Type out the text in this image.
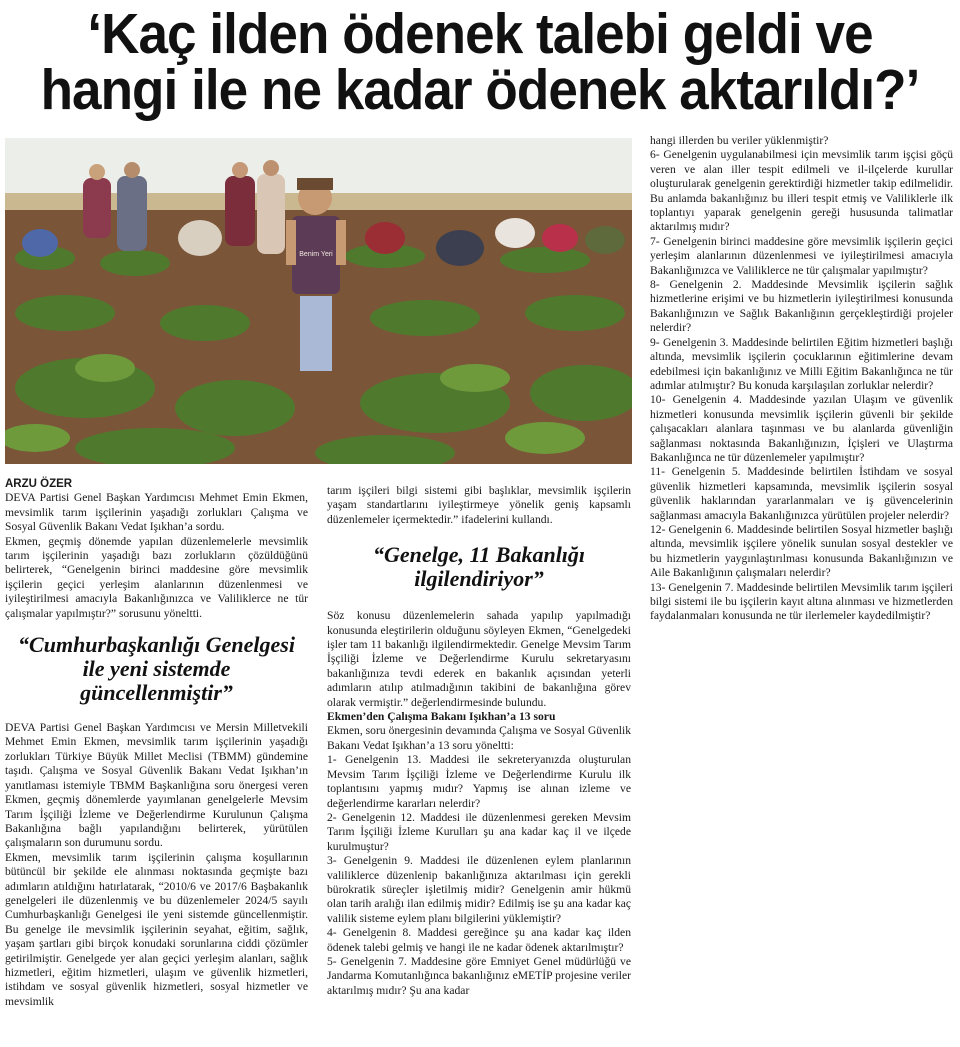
‘Kaç ilden ödenek talebi geldi ve
hangi ile ne kadar ödenek aktarıldı?’
Benim Yeri

ARZU ÖZER

DEVA Partisi Genel Başkan Yardımcısı Mehmet Emin Ekmen, mevsimlik tarım işçilerinin yaşadığı zorlukları Çalışma ve Sosyal Güvenlik Bakanı Vedat Işıkhan’a sordu.

Ekmen, geçmiş dönemde yapılan düzenlemelerle mevsimlik tarım işçilerinin yaşadığı bazı zorlukların çözüldüğünü belirterek, “Genelgenin birinci maddesine göre mevsimlik işçilerin geçici yerleşim alanlarının düzenlenmesi ve iyileştirilmesi amacıyla Bakanlığınızca ve Valiliklerce ne tür çalışmalar yapılmıştır?” sorusunu yöneltti.

“Cumhurbaşkanlığı Genelgesi ile yeni sistemde güncellenmiştir”

DEVA Partisi Genel Başkan Yardımcısı ve Mersin Milletvekili Mehmet Emin Ekmen, mevsimlik tarım işçilerinin yaşadığı zorlukları Türkiye Büyük Millet Meclisi (TBMM) gündemine taşıdı. Çalışma ve Sosyal Güvenlik Bakanı Vedat Işıkhan’ın yanıtlaması istemiyle TBMM Başkanlığına soru önergesi veren Ekmen, geçmiş dönemlerde yayımlanan genelgelerle Mevsim Tarım İşçiliği İzleme ve Değerlendirme Kurulunun Çalışma Bakanlığına bağlı yapılandığını belirterek, yürütülen çalışmaların son durumunu sordu.

Ekmen, mevsimlik tarım işçilerinin çalışma koşullarının bütüncül bir şekilde ele alınması noktasında geçmişte bazı adımların atıldığını hatırlatarak, “2010/6 ve 2017/6 Başbakanlık genelgeleri ile düzenlenmiş ve bu düzenlemeler 2024/5 sayılı Cumhurbaşkanlığı Genelgesi ile yeni sistemde güncellenmiştir. Bu genelge ile mevsimlik işçilerinin seyahat, eğitim, sağlık, yaşam şartları gibi birçok konudaki sorunlarına ciddi çözümler getirilmiştir. Genelgede yer alan geçici yerleşim alanları, sağlık hizmetleri, eğitim hizmetleri, ulaşım ve güvenlik hizmetleri, istihdam ve sosyal güvenlik hizmetleri, sosyal hizmetler ve mevsimlik

tarım işçileri bilgi sistemi gibi başlıklar, mevsimlik işçilerin yaşam standartlarını iyileştirmeye yönelik geniş kapsamlı düzenlemeler içermektedir.” ifadelerini kullandı.

“Genelge, 11 Bakanlığı ilgilendiriyor”

Söz konusu düzenlemelerin sahada yapılıp yapılmadığı konusunda eleştirilerin olduğunu söyleyen Ekmen, “Genelgedeki işler tam 11 bakanlığı ilgilendirmektedir. Genelge Mevsim Tarım İşçiliği İzleme ve Değerlendirme Kurulu sekretaryasını bakanlığınıza tevdi ederek en bakanlık açısından yeterli adımların atılıp atılmadığının takibini de bakanlığına görev olarak vermiştir.” değerlendirmesinde bulundu.

Ekmen’den Çalışma Bakanı Işıkhan’a 13 soru

Ekmen, soru önergesinin devamında Çalışma ve Sosyal Güvenlik Bakanı Vedat Işıkhan’a 13 soru yöneltti:

1- Genelgenin 13. Maddesi ile sekreteryanızda oluşturulan Mevsim Tarım İşçiliği İzleme ve Değerlendirme Kurulu ilk toplantısını yapmış mıdır? Yapmış ise alınan izleme ve değerlendirme kararları nelerdir?

2- Genelgenin 12. Maddesi ile düzenlenmesi gereken Mevsim Tarım İşçiliği İzleme Kurulları şu ana kadar kaç il ve ilçede kurulmuştur?

3- Genelgenin 9. Maddesi ile düzenlenen eylem planlarının valiliklerce düzenlenip bakanlığınıza aktarılması için gerekli bürokratik süreçler işletilmiş midir? Genelgenin amir hükmü olan tarih aralığı ilan edilmiş midir? Edilmiş ise şu ana kadar kaç valilik sisteme eylem planı bilgilerini yüklemiştir?

4- Genelgenin 8. Maddesi gereğince şu ana kadar kaç ilden ödenek talebi gelmiş ve hangi ile ne kadar ödenek aktarılmıştır?

5- Genelgenin 7. Maddesine göre Emniyet Genel müdürlüğü ve Jandarma Komutanlığınca bakanlığınız eMETİP projesine veriler aktarılmış mıdır? Şu ana kadar

hangi illerden bu veriler yüklenmiştir?

6- Genelgenin uygulanabilmesi için mevsimlik tarım işçisi göçü veren ve alan iller tespit edilmeli ve il-ilçelerde kurullar oluşturularak genelgenin gerektirdiği hizmetler takip edilmelidir. Bu anlamda bakanlığınız bu illeri tespit etmiş ve Valiliklerle ilk toplantıyı yaparak genelgenin gereği hususunda talimatlar aktarılmış mıdır?

7- Genelgenin birinci maddesine göre mevsimlik işçilerin geçici yerleşim alanlarının düzenlenmesi ve iyileştirilmesi amacıyla Bakanlığınızca ve Valiliklerce ne tür çalışmalar yapılmıştır?

8- Genelgenin 2. Maddesinde Mevsimlik işçilerin sağlık hizmetlerine erişimi ve bu hizmetlerin iyileştirilmesi konusunda Bakanlığınızın ve Sağlık Bakanlığının gerçekleştirdiği projeler nelerdir?

9- Genelgenin 3. Maddesinde belirtilen Eğitim hizmetleri başlığı altında, mevsimlik işçilerin çocuklarının eğitimlerine devam edebilmesi için bakanlığınız ve Milli Eğitim Bakanlığınca ne tür adımlar atılmıştır? Bu konuda karşılaşılan zorluklar nelerdir?

10- Genelgenin 4. Maddesinde yazılan Ulaşım ve güvenlik hizmetleri konusunda mevsimlik işçilerin güvenli bir şekilde çalışacakları alanlara taşınması ve bu alanlarda güvenliğin sağlanması noktasında Bakanlığınızın, İçişleri ve Ulaştırma Bakanlığınca ne tür düzenlemeler yapılmıştır?

11- Genelgenin 5. Maddesinde belirtilen İstihdam ve sosyal güvenlik hizmetleri kapsamında, mevsimlik işçilerin sosyal güvenlik haklarından yararlanmaları ve iş güvencelerinin sağlanması amacıyla Bakanlığınızca yürütülen projeler nelerdir?

12- Genelgenin 6. Maddesinde belirtilen Sosyal hizmetler başlığı altında, mevsimlik işçilere yönelik sunulan sosyal destekler ve bu hizmetlerin yaygınlaştırılması konusunda Bakanlığınızın ve Aile Bakanlığının çalışmaları nelerdir?

13- Genelgenin 7. Maddesinde belirtilen Mevsimlik tarım işçileri bilgi sistemi ile bu işçilerin kayıt altına alınması ve hizmetlerden faydalanmaları konusunda ne tür ilerlemeler kaydedilmiştir?
